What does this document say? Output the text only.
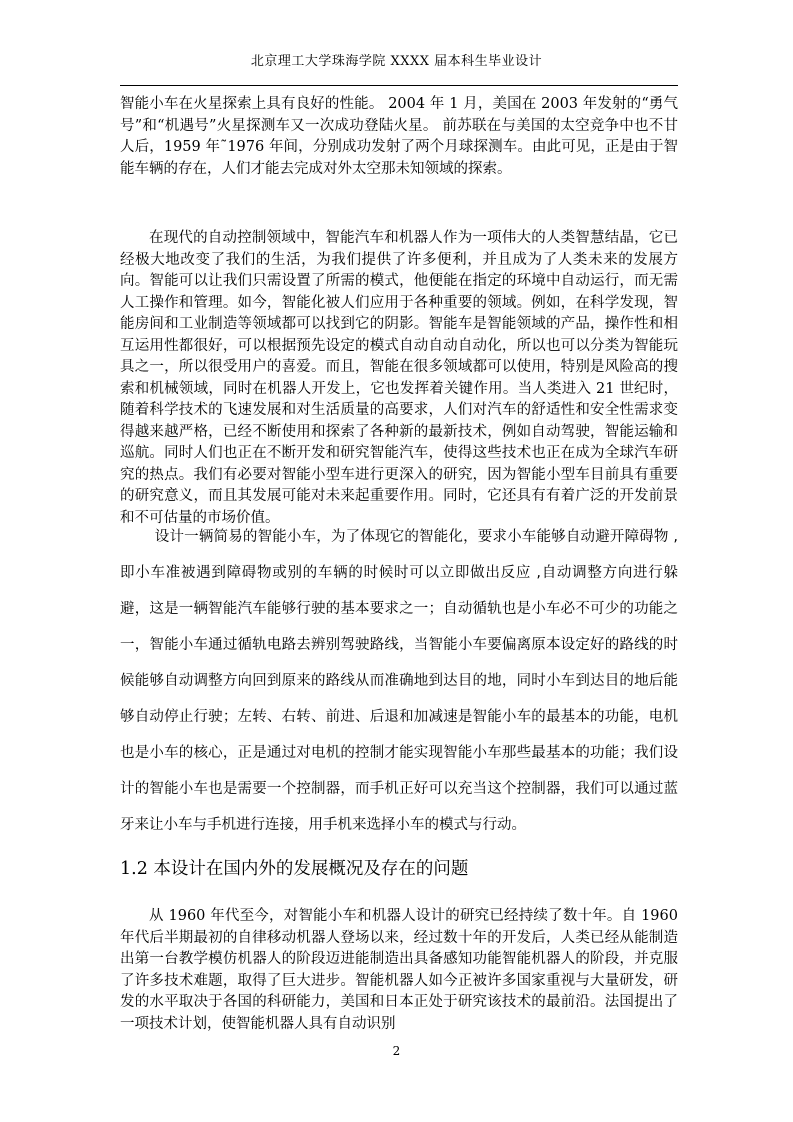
北京理工大学珠海学院 XXXX 届本科生毕业设计

智能小车在火星探索上具有良好的性能。 2004 年 1 月，美国在 2003 年发射的“勇气号”和“机遇号”火星探测车又一次成功登陆火星。 前苏联在与美国的太空竞争中也不甘人后，1959 年˜1976 年间，分别成功发射了两个月球探测车。由此可见，正是由于智能车辆的存在，人们才能去完成对外太空那未知领域的探索。

在现代的自动控制领域中，智能汽车和机器人作为一项伟大的人类智慧结晶，它已经极大地改变了我们的生活，为我们提供了许多便利，并且成为了人类未来的发展方向。智能可以让我们只需设置了所需的模式，他便能在指定的环境中自动运行，而无需人工操作和管理。如今，智能化被人们应用于各种重要的领域。例如，在科学发现，智能房间和工业制造等领域都可以找到它的阴影。智能车是智能领域的产品，操作性和相互运用性都很好，可以根据预先设定的模式自动自动自动化，所以也可以分类为智能玩具之一，所以很受用户的喜爱。而且，智能在很多领域都可以使用，特别是风险高的搜索和机械领域，同时在机器人开发上，它也发挥着关键作用。当人类进入 21 世纪时，随着科学技术的飞速发展和对生活质量的高要求，人们对汽车的舒适性和安全性需求变得越来越严格，已经不断使用和探索了各种新的最新技术，例如自动驾驶，智能运输和巡航。同时人们也正在不断开发和研究智能汽车，使得这些技术也正在成为全球汽车研究的热点。我们有必要对智能小型车进行更深入的研究，因为智能小型车目前具有重要的研究意义，而且其发展可能对未来起重要作用。同时，它还具有有着广泛的开发前景和不可估量的市场价值。

设计一辆简易的智能小车，为了体现它的智能化，要求小车能够自动避开障碍物 ,即小车准被遇到障碍物或别的车辆的时候时可以立即做出反应 ,自动调整方向进行躲避，这是一辆智能汽车能够行驶的基本要求之一；自动循轨也是小车必不可少的功能之一，智能小车通过循轨电路去辨别驾驶路线，当智能小车要偏离原本设定好的路线的时候能够自动调整方向回到原来的路线从而准确地到达目的地，同时小车到达目的地后能够自动停止行驶；左转、右转、前进、后退和加减速是智能小车的最基本的功能，电机也是小车的核心，正是通过对电机的控制才能实现智能小车那些最基本的功能；我们设计的智能小车也是需要一个控制器，而手机正好可以充当这个控制器，我们可以通过蓝牙来让小车与手机进行连接，用手机来选择小车的模式与行动。

1.2 本设计在国内外的发展概况及存在的问题

从 1960 年代至今，对智能小车和机器人设计的研究已经持续了数十年。自 1960 年代后半期最初的自律移动机器人登场以来，经过数十年的开发后，人类已经从能制造出第一台教学模仿机器人的阶段迈进能制造出具备感知功能智能机器人的阶段，并克服了许多技术难题，取得了巨大进步。智能机器人如今正被许多国家重视与大量研发，研发的水平取决于各国的科研能力，美国和日本正处于研究该技术的最前沿。法国提出了一项技术计划，使智能机器人具有自动识别

2
